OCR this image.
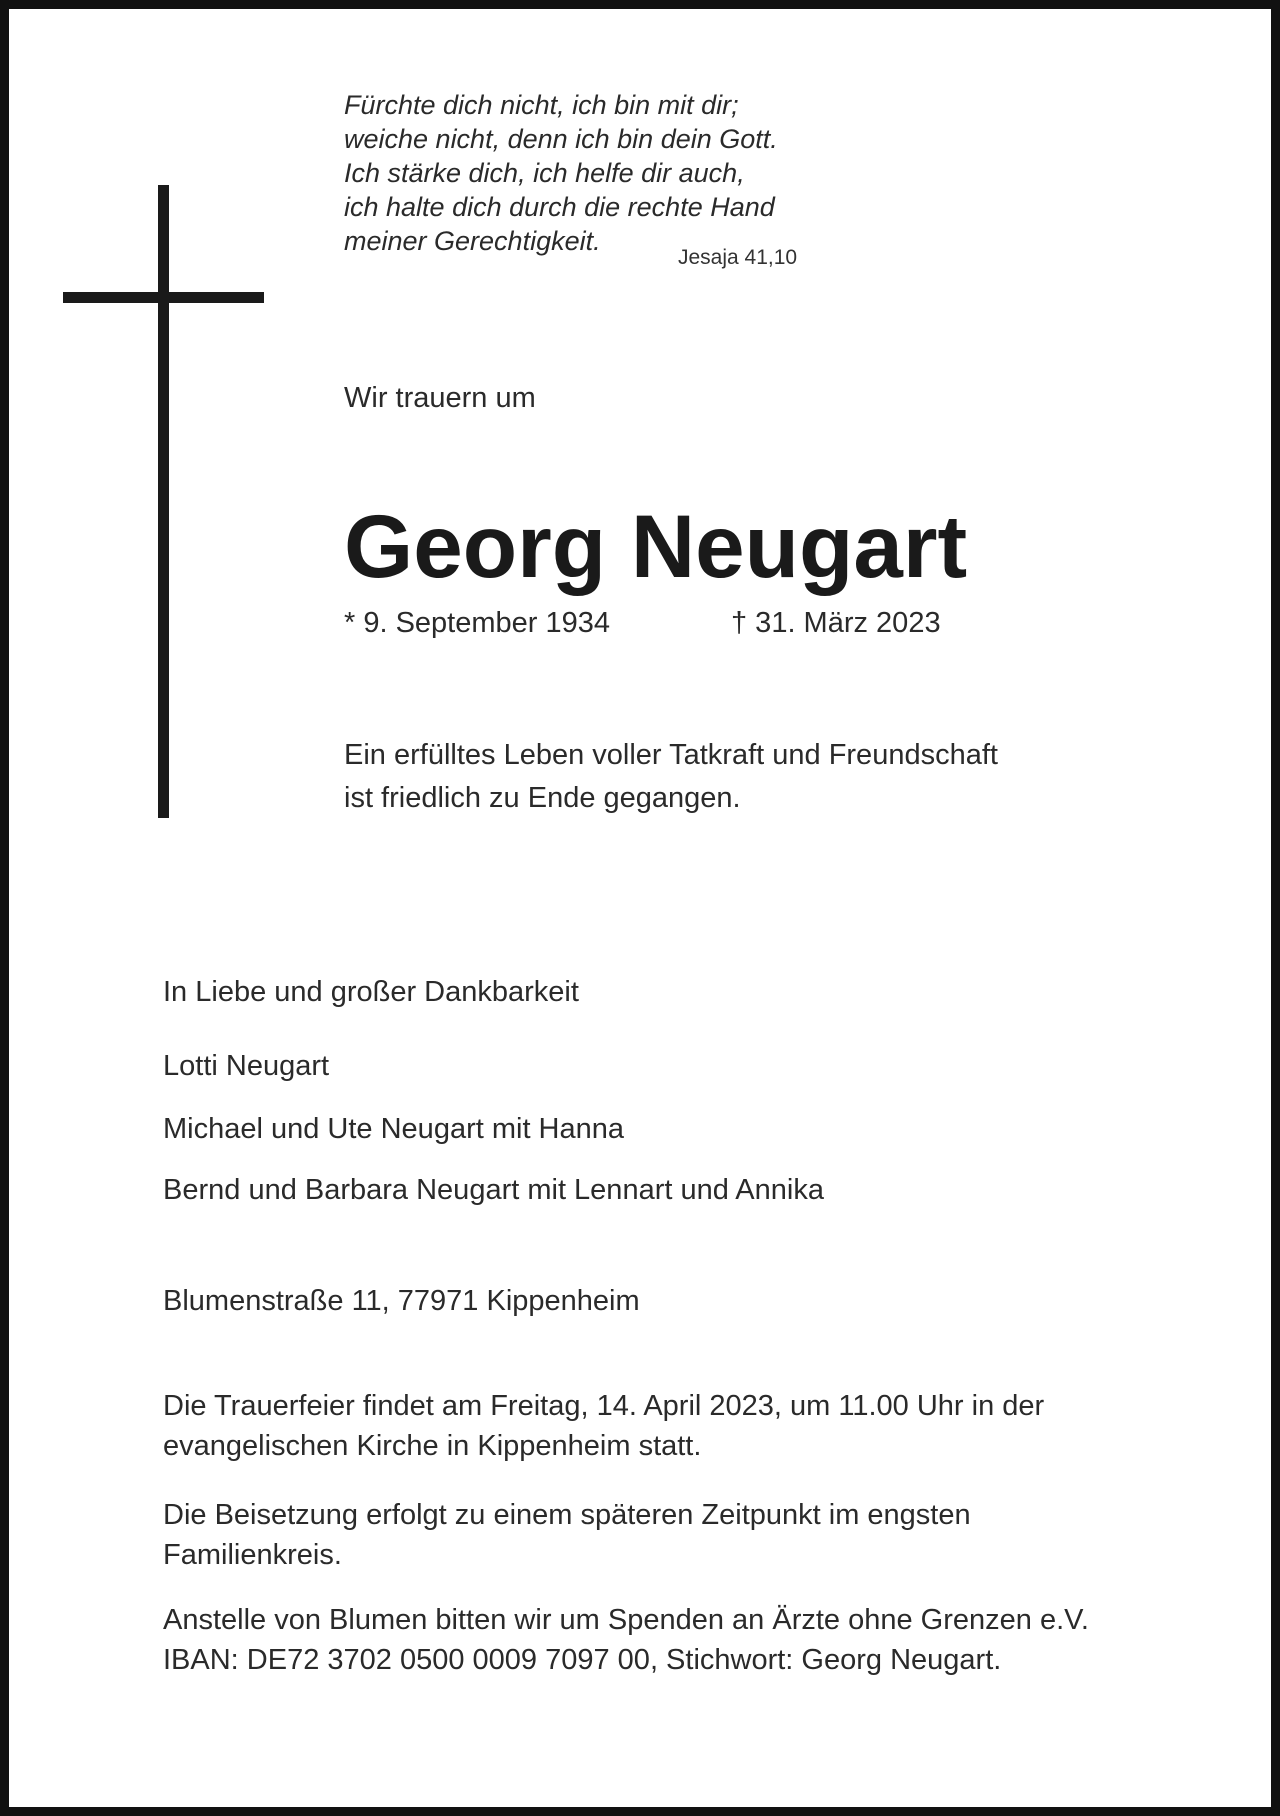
Fürchte dich nicht, ich bin mit dir;
weiche nicht, denn ich bin dein Gott.
Ich stärke dich, ich helfe dir auch,
ich halte dich durch die rechte Hand
meiner Gerechtigkeit.
Jesaja 41,10
Wir trauern um
Georg Neugart
* 9. September 1934	† 31. März 2023
Ein erfülltes Leben voller Tatkraft und Freundschaft
ist friedlich zu Ende gegangen.
In Liebe und großer Dankbarkeit
Lotti Neugart
Michael und Ute Neugart mit Hanna
Bernd und Barbara Neugart mit Lennart und Annika
Blumenstraße 11, 77971 Kippenheim
Die Trauerfeier findet am Freitag, 14. April 2023, um 11.00 Uhr in der
evangelischen Kirche in Kippenheim statt.
Die Beisetzung erfolgt zu einem späteren Zeitpunkt im engsten
Familienkreis.
Anstelle von Blumen bitten wir um Spenden an Ärzte ohne Grenzen e.V.
IBAN: DE72 3702 0500 0009 7097 00, Stichwort: Georg Neugart.
